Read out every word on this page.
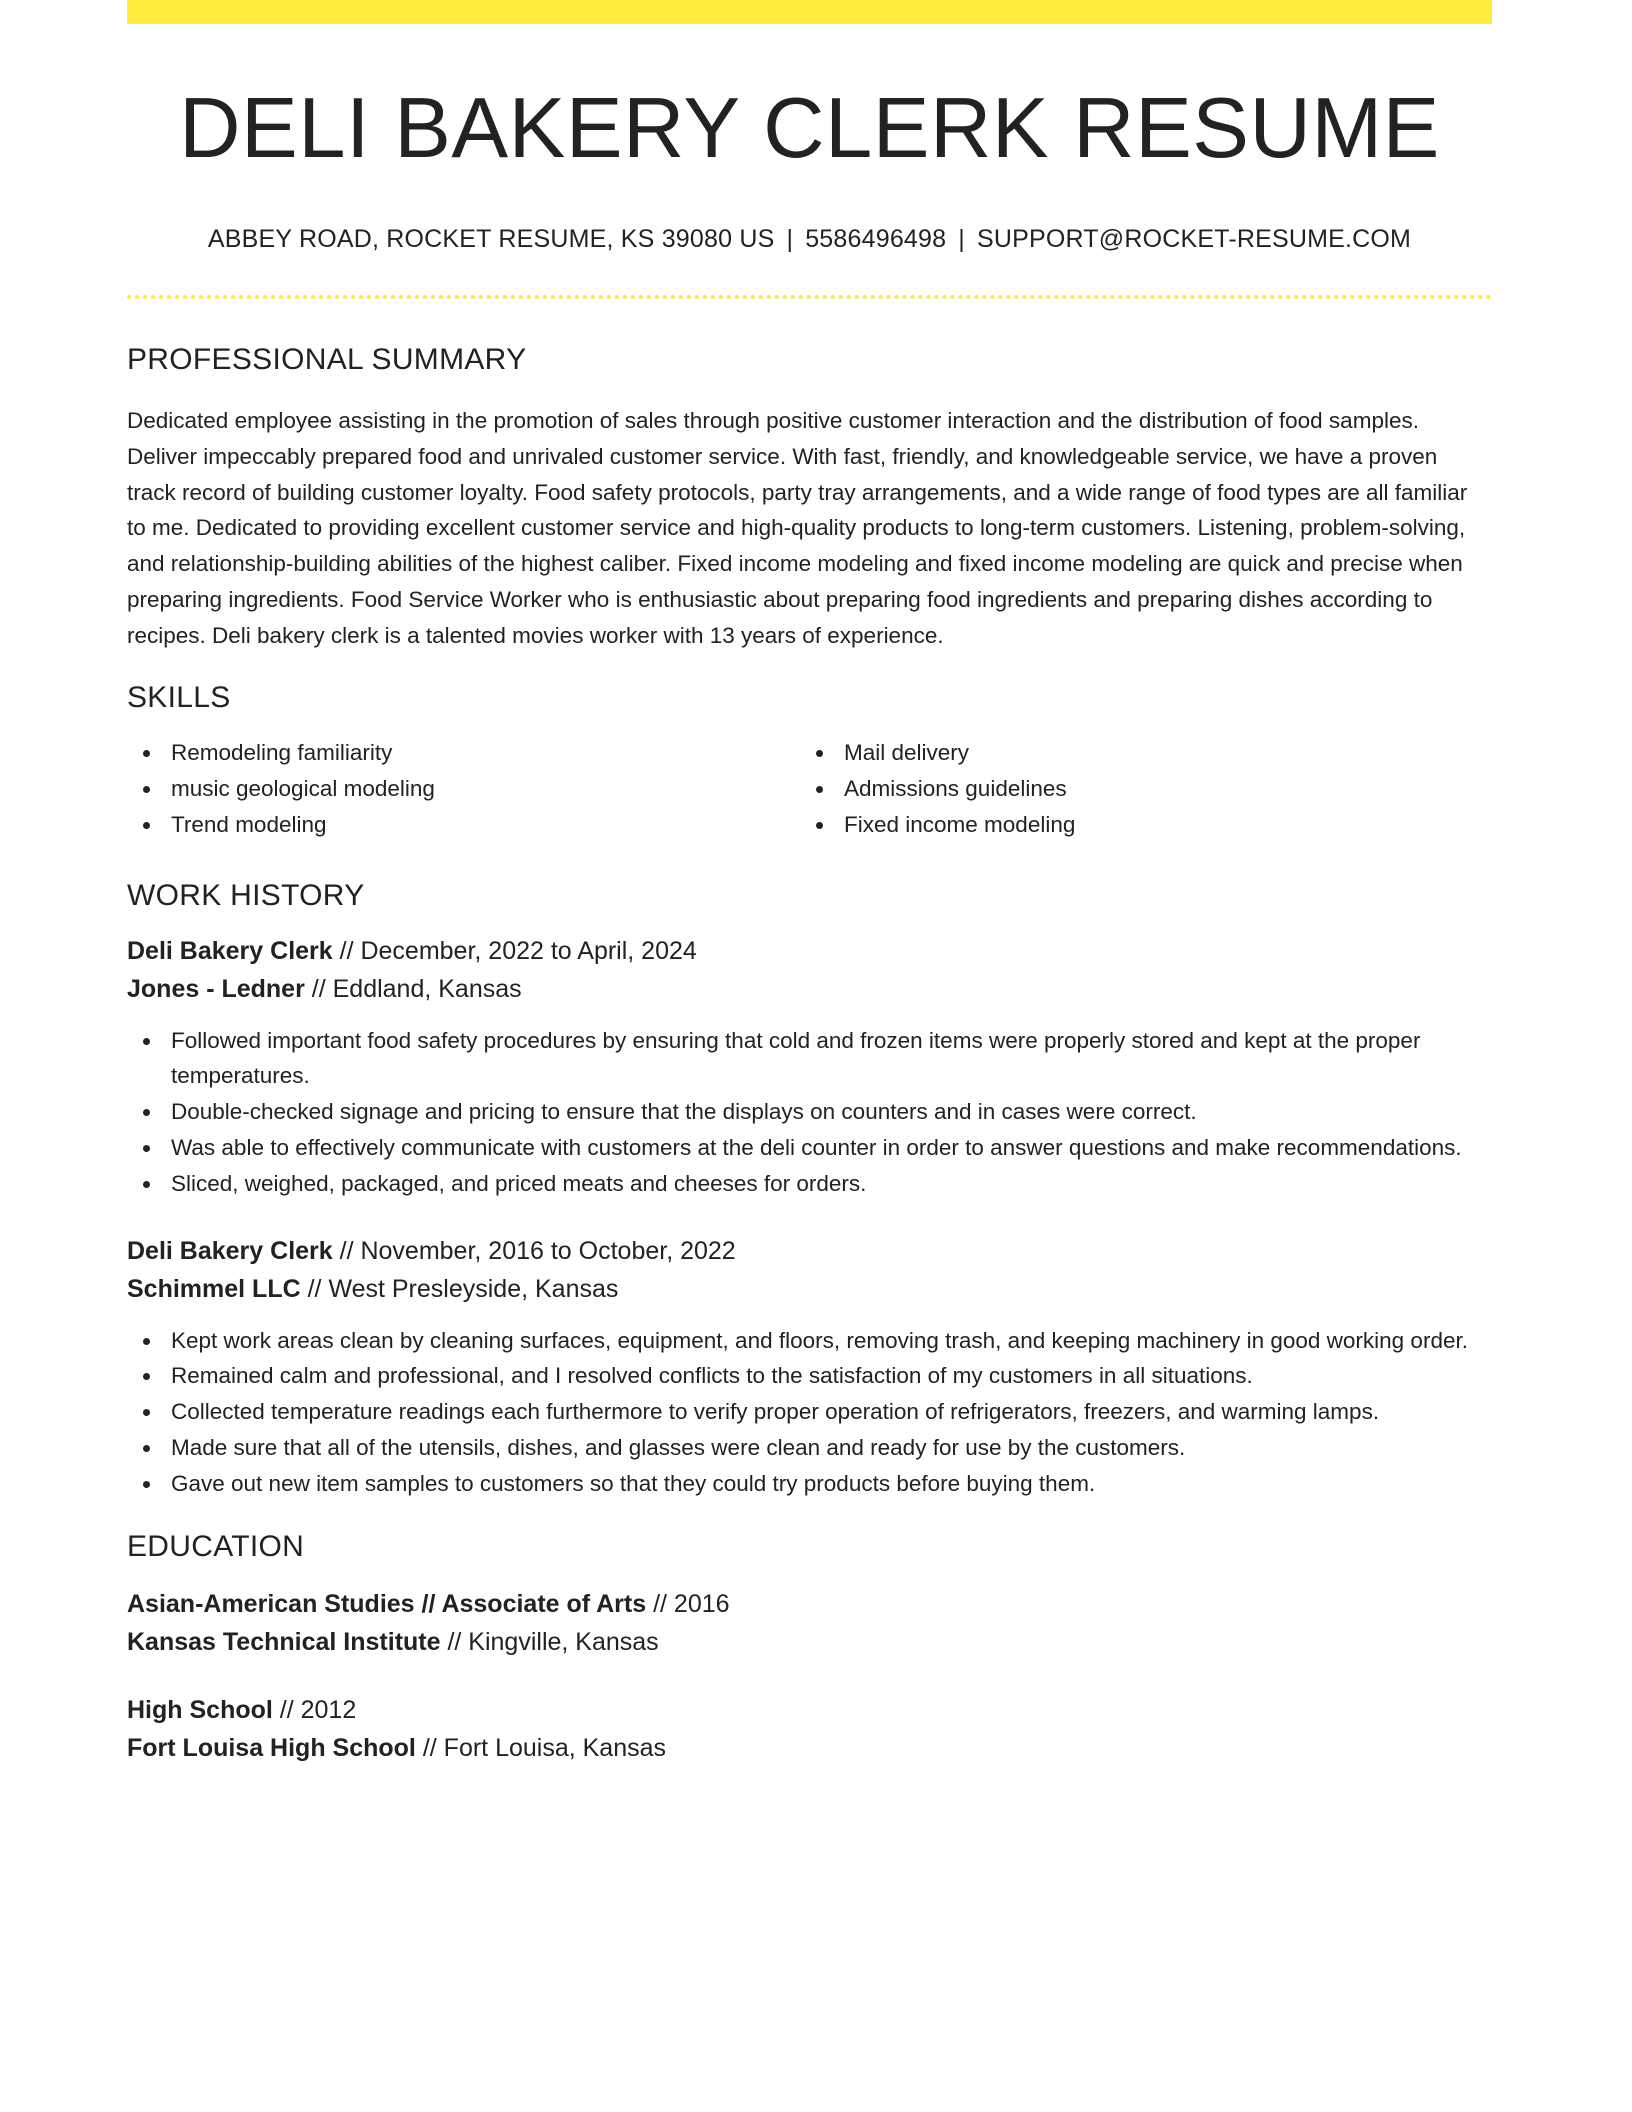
DELI BAKERY CLERK RESUME
ABBEY ROAD, ROCKET RESUME, KS 39080 US | 5586496498 | SUPPORT@ROCKET-RESUME.COM
PROFESSIONAL SUMMARY

Dedicated employee assisting in the promotion of sales through positive customer interaction and the distribution of food samples. Deliver impeccably prepared food and unrivaled customer service. With fast, friendly, and knowledgeable service, we have a proven track record of building customer loyalty. Food safety protocols, party tray arrangements, and a wide range of food types are all familiar to me. Dedicated to providing excellent customer service and high-quality products to long-term customers. Listening, problem-solving, and relationship-building abilities of the highest caliber. Fixed income modeling and fixed income modeling are quick and precise when preparing ingredients. Food Service Worker who is enthusiastic about preparing food ingredients and preparing dishes according to recipes. Deli bakery clerk is a talented movies worker with 13 years of experience.

SKILLS
Remodeling familiarity
music geological modeling
Trend modeling
Mail delivery
Admissions guidelines
Fixed income modeling
WORK HISTORY
Deli Bakery Clerk // December, 2022 to April, 2024
Jones - Ledner // Eddland, Kansas
Followed important food safety procedures by ensuring that cold and frozen items were properly stored and kept at the proper temperatures.
Double-checked signage and pricing to ensure that the displays on counters and in cases were correct.
Was able to effectively communicate with customers at the deli counter in order to answer questions and make recommendations.
Sliced, weighed, packaged, and priced meats and cheeses for orders.
Deli Bakery Clerk // November, 2016 to October, 2022
Schimmel LLC // West Presleyside, Kansas
Kept work areas clean by cleaning surfaces, equipment, and floors, removing trash, and keeping machinery in good working order.
Remained calm and professional, and I resolved conflicts to the satisfaction of my customers in all situations.
Collected temperature readings each furthermore to verify proper operation of refrigerators, freezers, and warming lamps.
Made sure that all of the utensils, dishes, and glasses were clean and ready for use by the customers.
Gave out new item samples to customers so that they could try products before buying them.
EDUCATION
Asian-American Studies // Associate of Arts // 2016
Kansas Technical Institute // Kingville, Kansas
High School // 2012
Fort Louisa High School // Fort Louisa, Kansas
